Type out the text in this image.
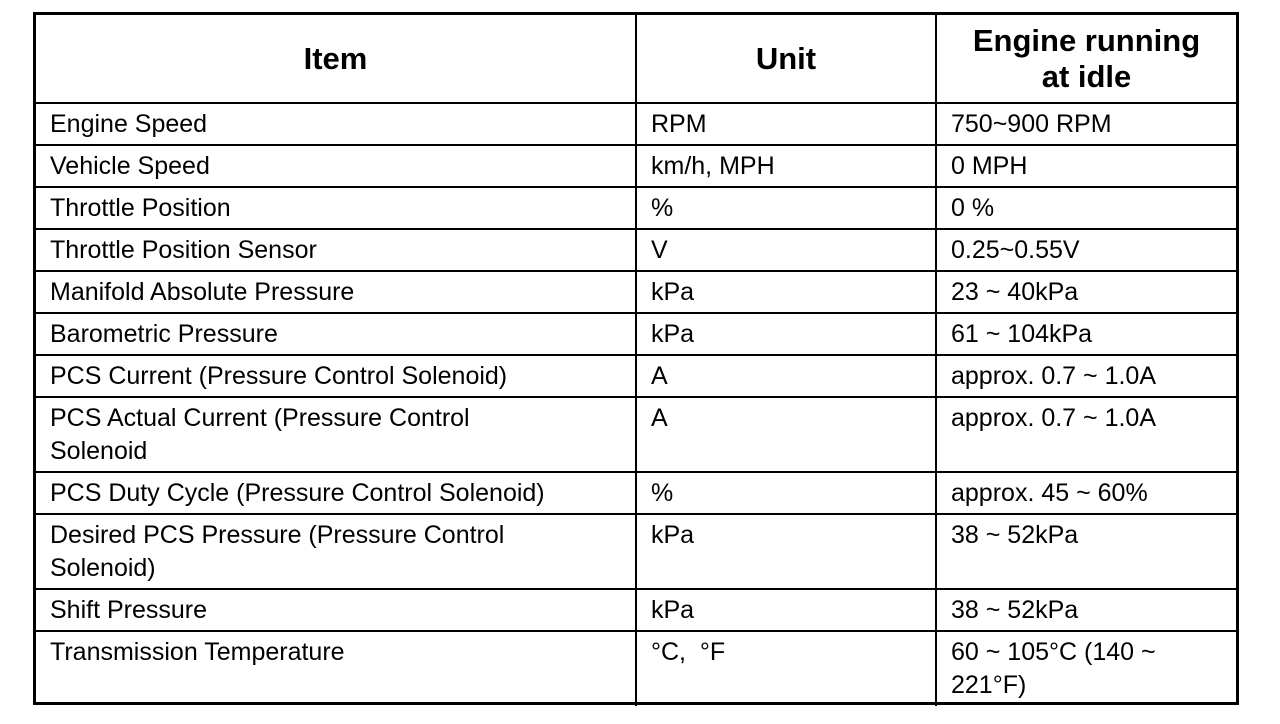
Item	Unit	Engine running at idle
Engine Speed	RPM	750~900 RPM
Vehicle Speed	km/h, MPH	0 MPH
Throttle Position	%	0 %
Throttle Position Sensor	V	0.25~0.55V
Manifold Absolute Pressure	kPa	23 ~ 40kPa
Barometric Pressure	kPa	61 ~ 104kPa
PCS Current (Pressure Control Solenoid)	A	approx. 0.7 ~ 1.0A
PCS Actual Current (Pressure Control Solenoid	A	approx. 0.7 ~ 1.0A
PCS Duty Cycle (Pressure Control Solenoid)	%	approx. 45 ~ 60%
Desired PCS Pressure (Pressure Control Solenoid)	kPa	38 ~ 52kPa
Shift Pressure	kPa	38 ~ 52kPa
Transmission Temperature	°C,  °F	60 ~ 105°C (140 ~ 221°F)
